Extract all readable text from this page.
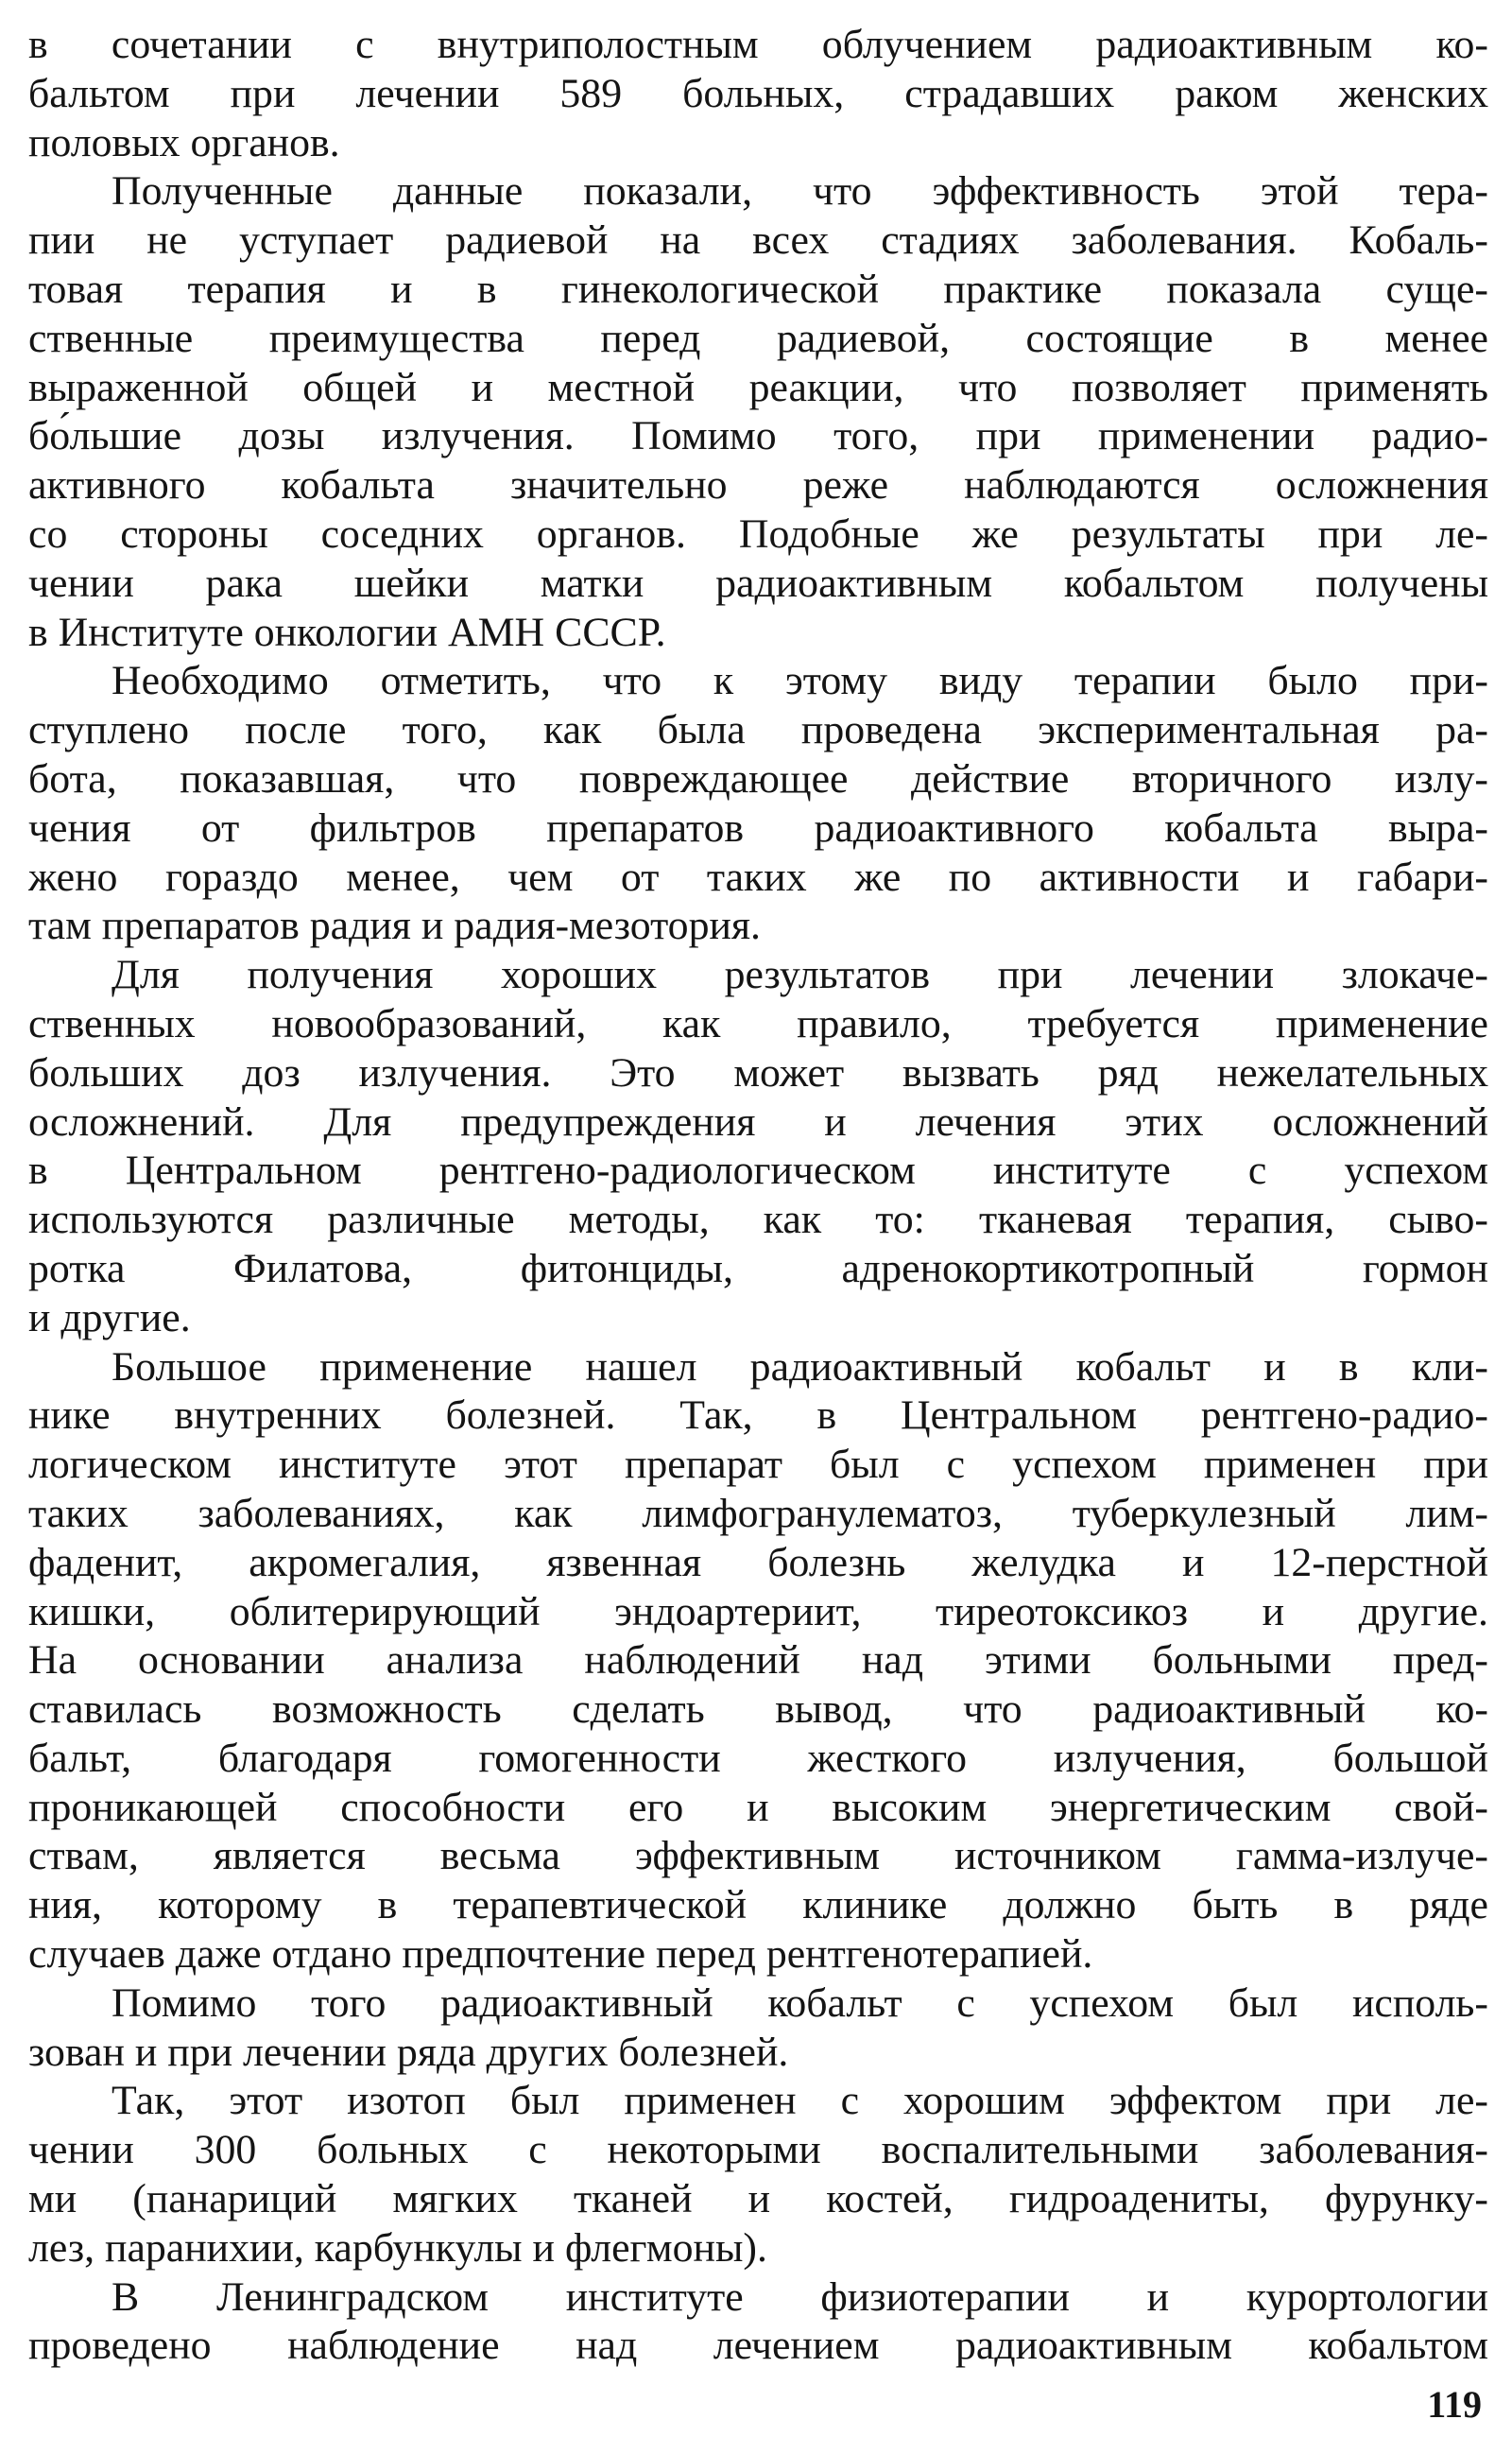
в сочетании с внутриполостным облучением радиоактивным ко-
бальтом при лечении 589 больных, страдавших раком женских
половых органов.

Полученные данные показали, что эффективность этой тера-
пии не уступает радиевой на всех стадиях заболевания. Кобаль-
товая терапия и в гинекологической практике показала суще-
ственные преимущества перед радиевой, состоящие в менее
выраженной общей и местной реакции, что позволяет применять
бо́льшие дозы излучения. Помимо того, при применении радио-
активного кобальта значительно реже наблюдаются осложнения
со стороны соседних органов. Подобные же результаты при ле-
чении рака шейки матки радиоактивным кобальтом получены
в Институте онкологии АМН СССР.

Необходимо отметить, что к этому виду терапии было при-
ступлено после того, как была проведена экспериментальная ра-
бота, показавшая, что повреждающее действие вторичного излу-
чения от фильтров препаратов радиоактивного кобальта выра-
жено гораздо менее, чем от таких же по активности и габари-
там препаратов радия и радия-мезотория.

Для получения хороших результатов при лечении злокаче-
ственных новообразований, как правило, требуется применение
больших доз излучения. Это может вызвать ряд нежелательных
осложнений. Для предупреждения и лечения этих осложнений
в Центральном рентгено-радиологическом институте с успехом
используются различные методы, как то: тканевая терапия, сыво-
ротка Филатова, фитонциды, адренокортикотропный гормон
и другие.

Большое применение нашел радиоактивный кобальт и в кли-
нике внутренних болезней. Так, в Центральном рентгено-радио-
логическом институте этот препарат был с успехом применен при
таких заболеваниях, как лимфогранулематоз, туберкулезный лим-
фаденит, акромегалия, язвенная болезнь желудка и 12-перстной
кишки, облитерирующий эндоартериит, тиреотоксикоз и другие.
На основании анализа наблюдений над этими больными пред-
ставилась возможность сделать вывод, что радиоактивный ко-
бальт, благодаря гомогенности жесткого излучения, большой
проникающей способности его и высоким энергетическим свой-
ствам, является весьма эффективным источником гамма-излуче-
ния, которому в терапевтической клинике должно быть в ряде
случаев даже отдано предпочтение перед рентгенотерапией.

Помимо того радиоактивный кобальт с успехом был исполь-
зован и при лечении ряда других болезней.

Так, этот изотоп был применен с хорошим эффектом при ле-
чении 300 больных с некоторыми воспалительными заболевания-
ми (панариций мягких тканей и костей, гидроадениты, фурунку-
лез, паранихии, карбункулы и флегмоны).

В Ленинградском институте физиотерапии и курортологии
проведено наблюдение над лечением радиоактивным кобальтом

119
